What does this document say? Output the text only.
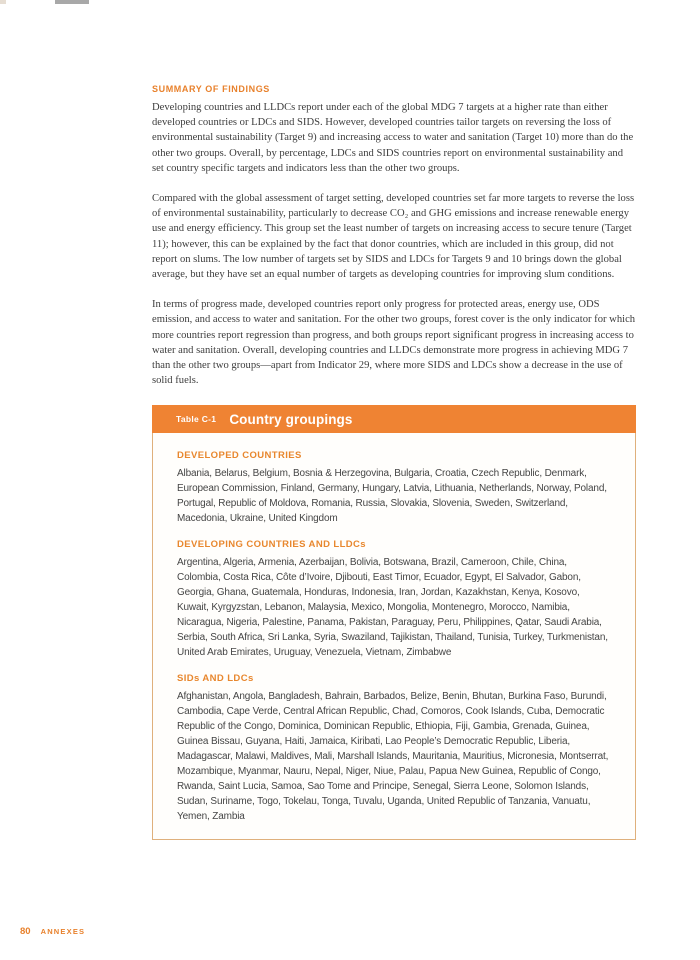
SUMMARY OF FINDINGS

Developing countries and LLDCs report under each of the global MDG 7 targets at a higher rate than either developed countries or LDCs and SIDS. However, developed countries tailor targets on reversing the loss of environmental sustainability (Target 9) and increasing access to water and sanitation (Target 10) more than do the other two groups. Overall, by percentage, LDCs and SIDS countries report on environmental sustainability and set country specific targets and indicators less than the other two groups.

Compared with the global assessment of target setting, developed countries set far more targets to reverse the loss of environmental sustainability, particularly to decrease CO₂ and GHG emissions and increase renewable energy use and energy efficiency. This group set the least number of targets on increasing access to secure tenure (Target 11); however, this can be explained by the fact that donor countries, which are included in this group, did not report on slums. The low number of targets set by SIDS and LDCs for Targets 9 and 10 brings down the global average, but they have set an equal number of targets as developing countries for improving slum conditions.

In terms of progress made, developed countries report only progress for protected areas, energy use, ODS emission, and access to water and sanitation. For the other two groups, forest cover is the only indicator for which more countries report regression than progress, and both groups report significant progress in increasing access to water and sanitation. Overall, developing countries and LLDCs demonstrate more progress in achieving MDG 7 than the other two groups—apart from Indicator 29, where more SIDS and LDCs show a decrease in the use of solid fuels.

Table C-1 Country groupings
DEVELOPED COUNTRIES

Albania, Belarus, Belgium, Bosnia & Herzegovina, Bulgaria, Croatia, Czech Republic, Denmark, European Commission, Finland, Germany, Hungary, Latvia, Lithuania, Netherlands, Norway, Poland, Portugal, Republic of Moldova, Romania, Russia, Slovakia, Slovenia, Sweden, Switzerland, Macedonia, Ukraine, United Kingdom

DEVELOPING COUNTRIES AND LLDCs

Argentina, Algeria, Armenia, Azerbaijan, Bolivia, Botswana, Brazil, Cameroon, Chile, China, Colombia, Costa Rica, Côte d’Ivoire, Djibouti, East Timor, Ecuador, Egypt, El Salvador, Gabon, Georgia, Ghana, Guatemala, Honduras, Indonesia, Iran, Jordan, Kazakhstan, Kenya, Kosovo, Kuwait, Kyrgyzstan, Lebanon, Malaysia, Mexico, Mongolia, Montenegro, Morocco, Namibia, Nicaragua, Nigeria, Palestine, Panama, Pakistan, Paraguay, Peru, Philippines, Qatar, Saudi Arabia, Serbia, South Africa, Sri Lanka, Syria, Swaziland, Tajikistan, Thailand, Tunisia, Turkey, Turkmenistan, United Arab Emirates, Uruguay, Venezuela, Vietnam, Zimbabwe

SIDs AND LDCs

Afghanistan, Angola, Bangladesh, Bahrain, Barbados, Belize, Benin, Bhutan, Burkina Faso, Burundi, Cambodia, Cape Verde, Central African Republic, Chad, Comoros, Cook Islands, Cuba, Democratic Republic of the Congo, Dominica, Dominican Republic, Ethiopia, Fiji, Gambia, Grenada, Guinea, Guinea Bissau, Guyana, Haiti, Jamaica, Kiribati, Lao People’s Democratic Republic, Liberia, Madagascar, Malawi, Maldives, Mali, Marshall Islands, Mauritania, Mauritius, Micronesia, Montserrat, Mozambique, Myanmar, Nauru, Nepal, Niger, Niue, Palau, Papua New Guinea, Republic of Congo, Rwanda, Saint Lucia, Samoa, Sao Tome and Principe, Senegal, Sierra Leone, Solomon Islands, Sudan, Suriname, Togo, Tokelau, Tonga, Tuvalu, Uganda, United Republic of Tanzania, Vanuatu, Yemen, Zambia

80 ANNEXES
